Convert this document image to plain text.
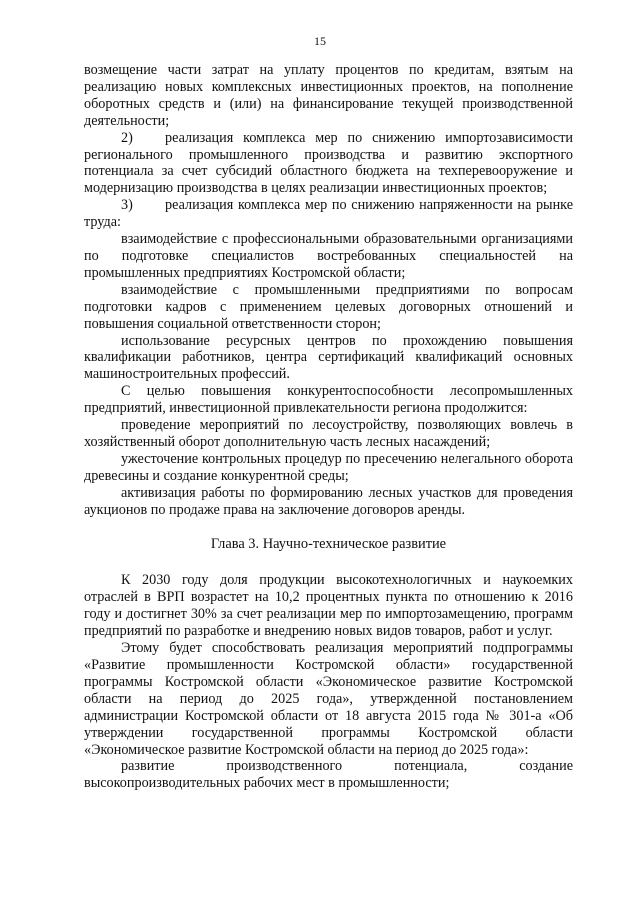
15

возмещение части затрат на уплату процентов по кредитам, взятым на реализацию новых комплексных инвестиционных проектов, на пополнение оборотных средств и (или) на финансирование текущей производственной деятельности;

2) реализация комплекса мер по снижению импортозависимости регионального промышленного производства и развитию экспортного потенциала за счет субсидий областного бюджета на техперевооружение и модернизацию производства в целях реализации инвестиционных проектов;

3) реализация комплекса мер по снижению напряженности на рынке труда:

взаимодействие с профессиональными образовательными организациями по подготовке специалистов востребованных специальностей на промышленных предприятиях Костромской области;

взаимодействие с промышленными предприятиями по вопросам подготовки кадров с применением целевых договорных отношений и повышения социальной ответственности сторон;

использование ресурсных центров по прохождению повышения квалификации работников, центра сертификаций квалификаций основных машиностроительных профессий.

С целью повышения конкурентоспособности лесопромышленных предприятий, инвестиционной привлекательности региона продолжится:

проведение мероприятий по лесоустройству, позволяющих вовлечь в хозяйственный оборот дополнительную часть лесных насаждений;

ужесточение контрольных процедур по пресечению нелегального оборота древесины и создание конкурентной среды;

активизация работы по формированию лесных участков для проведения аукционов по продаже права на заключение договоров аренды.

Глава 3. Научно-техническое развитие

К 2030 году доля продукции высокотехнологичных и наукоемких отраслей в ВРП возрастет на 10,2 процентных пункта по отношению к 2016 году и достигнет 30% за счет реализации мер по импортозамещению, программ предприятий по разработке и внедрению новых видов товаров, работ и услуг.

Этому будет способствовать реализация мероприятий подпрограммы «Развитие промышленности Костромской области» государственной программы Костромской области «Экономическое развитие Костромской области на период до 2025 года», утвержденной постановлением администрации Костромской области от 18 августа 2015 года № 301-а «Об утверждении государственной программы Костромской области «Экономическое развитие Костромской области на период до 2025 года»:

развитие производственного потенциала, создание высокопроизводительных рабочих мест в промышленности;
